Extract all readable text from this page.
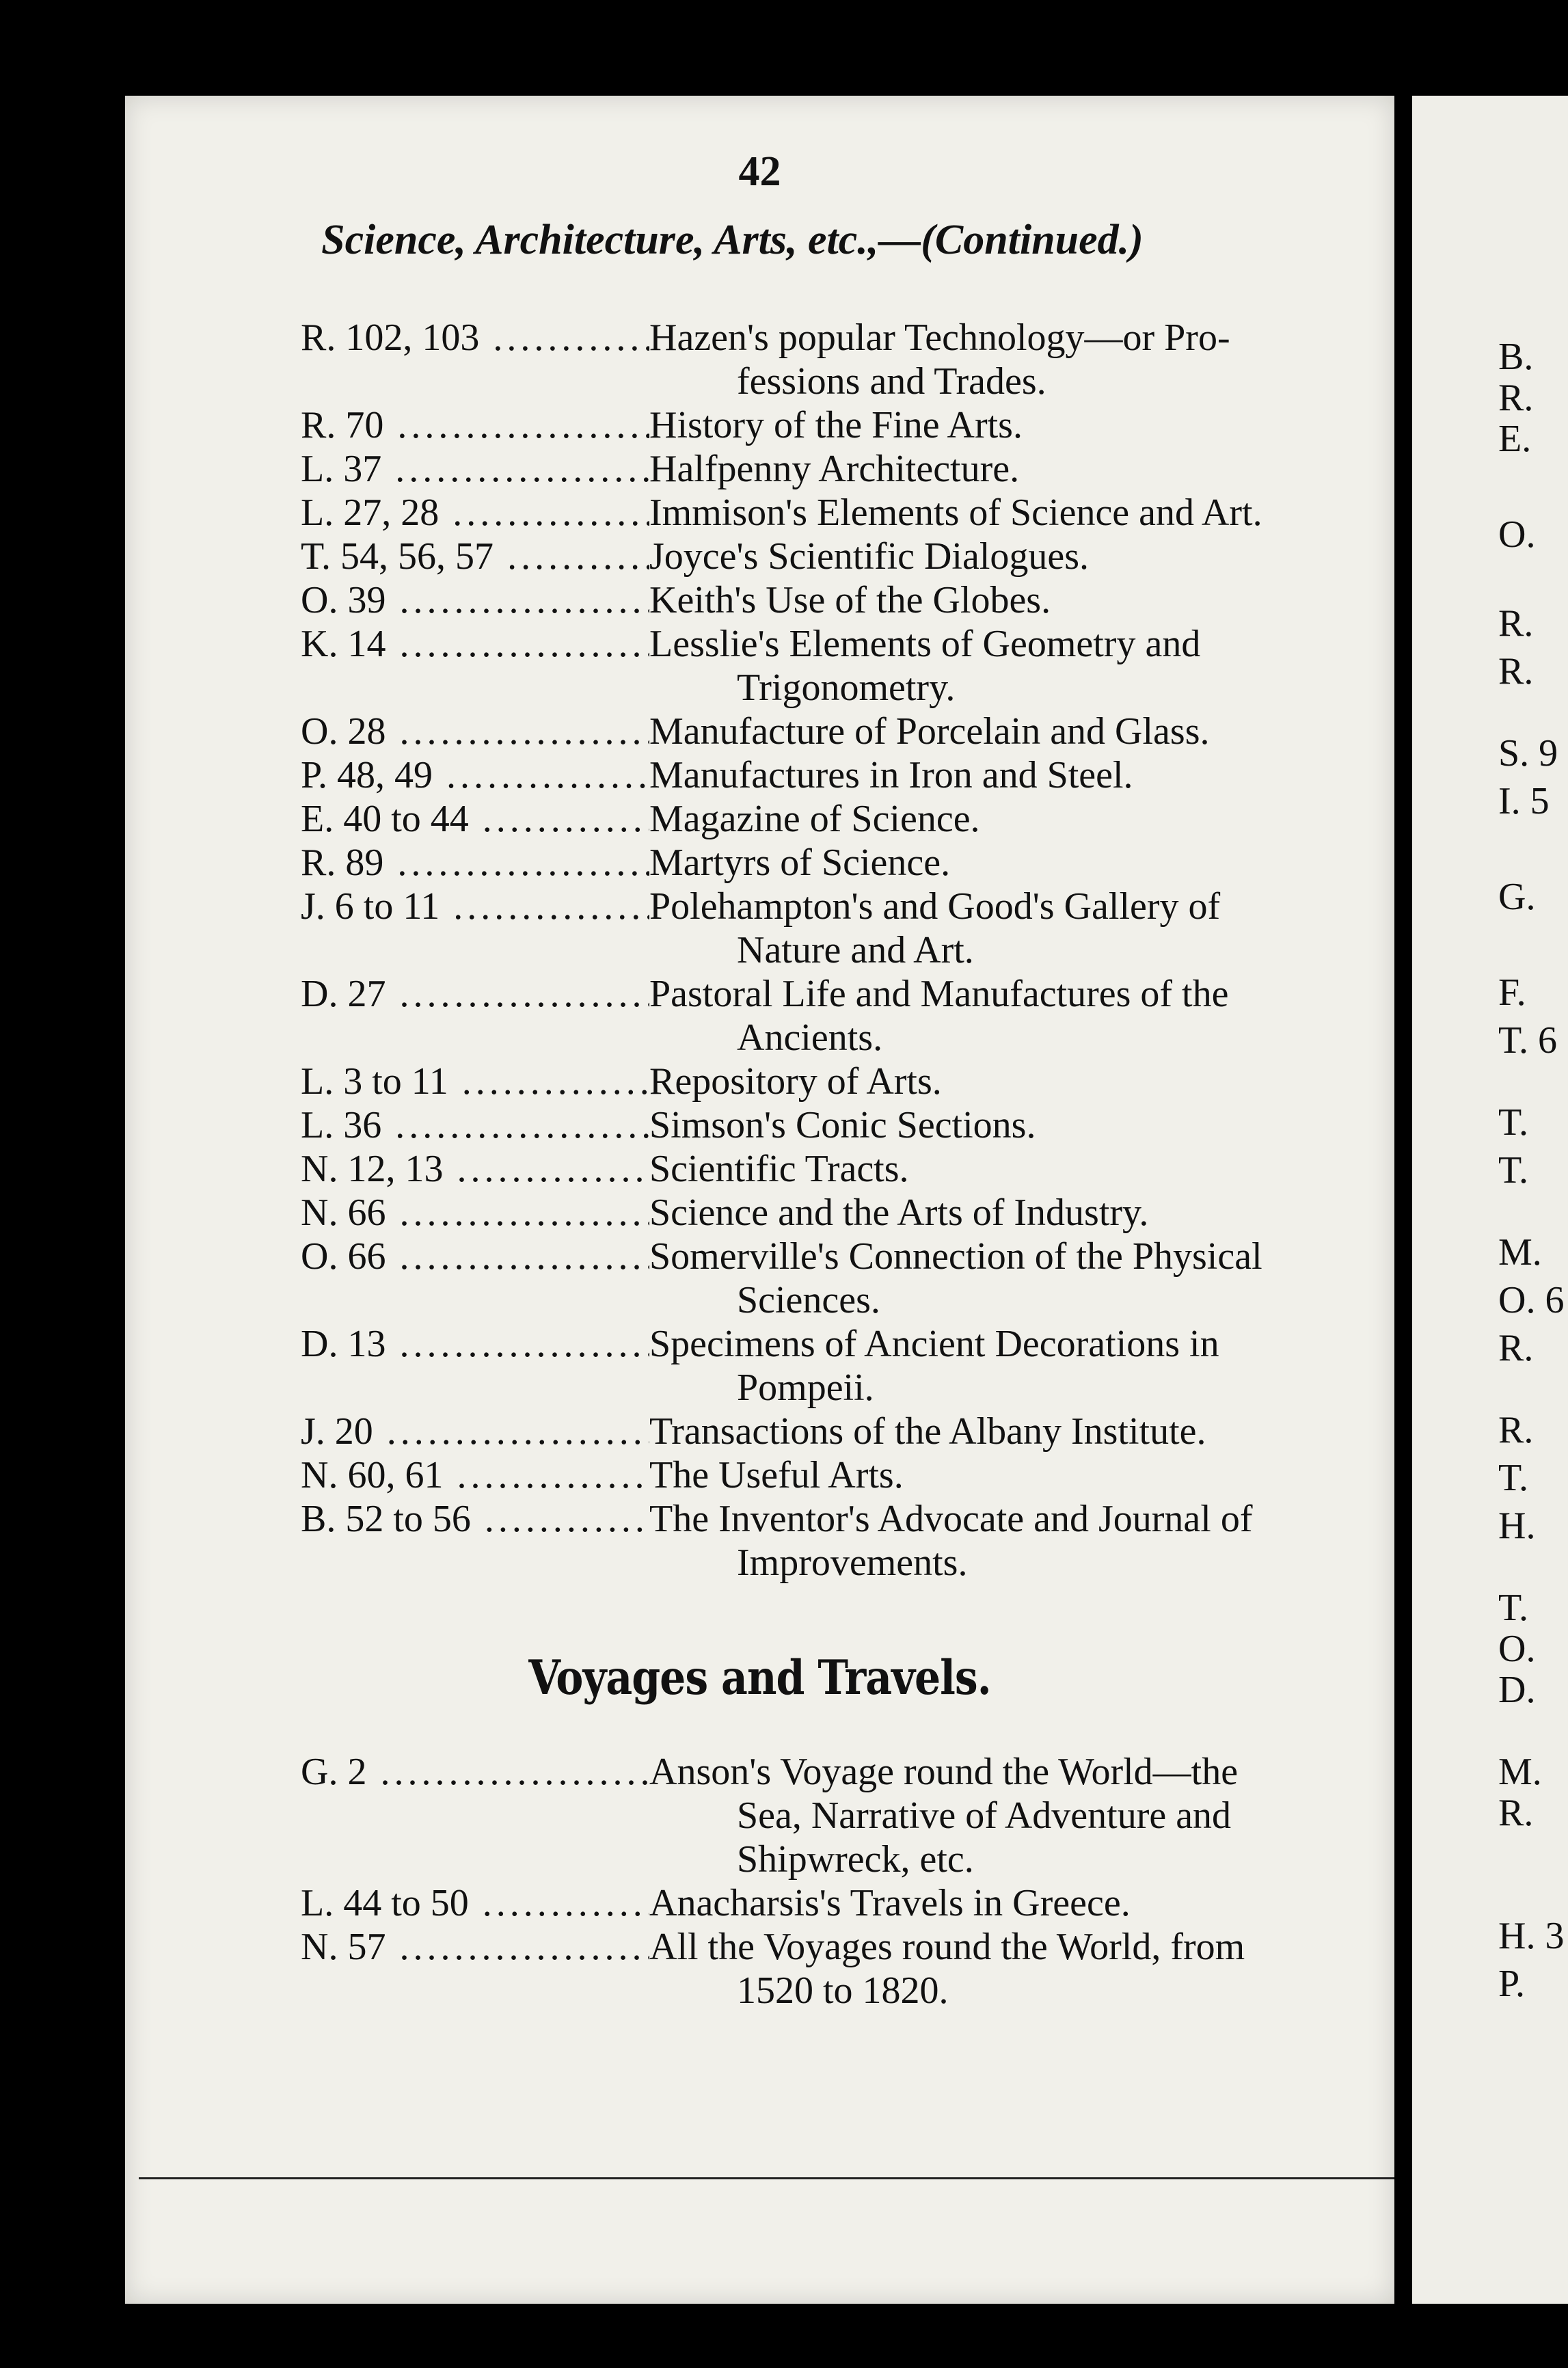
42
Science, Architecture, Arts, etc.,—(Continued.)
R. 102, 103 .....	Hazen's popular Technology—or Pro-
fessions and Trades.
R. 70 .....	History of the Fine Arts.
L. 37 .....	Halfpenny Architecture.
L. 27, 28 .....	Immison's Elements of Science and Art.
T. 54, 56, 57 .....	Joyce's Scientific Dialogues.
O. 39 .....	Keith's Use of the Globes.
K. 14 .....	Lesslie's Elements of Geometry and
Trigonometry.
O. 28 .....	Manufacture of Porcelain and Glass.
P. 48, 49 .....	Manufactures in Iron and Steel.
E. 40 to 44 .....	Magazine of Science.
R. 89 .....	Martyrs of Science.
J. 6 to 11 .....	Polehampton's and Good's Gallery of
Nature and Art.
D. 27 .....	Pastoral Life and Manufactures of the
Ancients.
L. 3 to 11 .....	Repository of Arts.
L. 36 .....	Simson's Conic Sections.
N. 12, 13 .....	Scientific Tracts.
N. 66 .....	Science and the Arts of Industry.
O. 66 .....	Somerville's Connection of the Physical
Sciences.
D. 13 .....	Specimens of Ancient Decorations in
Pompeii.
J. 20 .....	Transactions of the Albany Institute.
N. 60, 61 .....	The Useful Arts.
B. 52 to 56 .....	The Inventor's Advocate and Journal of
Improvements.
Voyages and Travels.
G. 2 .....	Anson's Voyage round the World—the
Sea, Narrative of Adventure and
Shipwreck, etc.
L. 44 to 50 .....	Anacharsis's Travels in Greece.
N. 57 .....	All the Voyages round the World, from
1520 to 1820.
B.
R.
E.
O.
R.
R.
S. 9
I. 5
G.
F.
T. 6
T.
T.
M.
O. 6
R.
R.
T.
H.
T.
O.
D.
M.
R.
H. 3
P.
